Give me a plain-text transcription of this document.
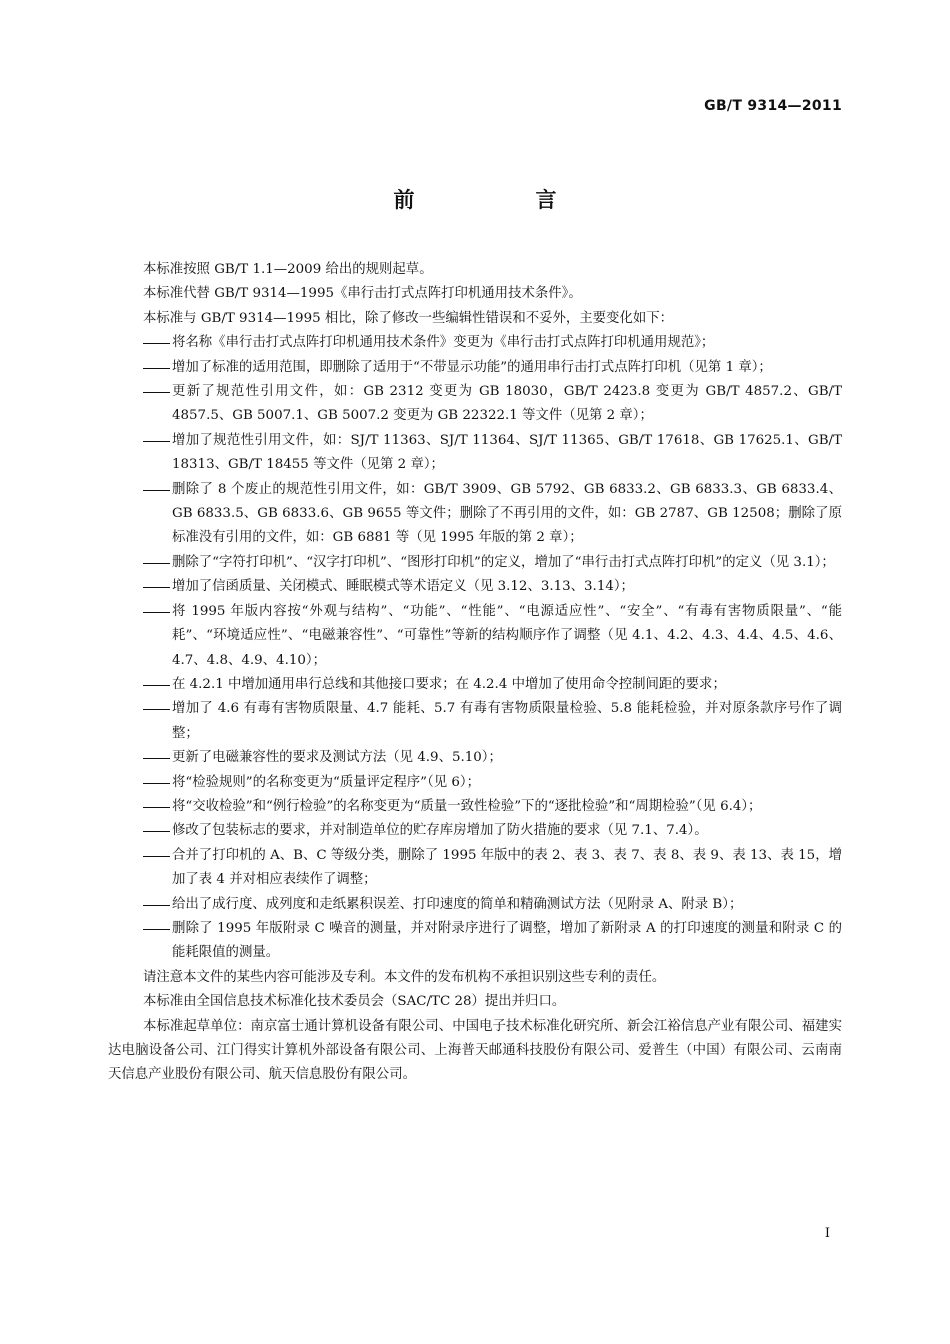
GB/T 9314—2011
前　言

本标准按照 GB/T 1.1—2009 给出的规则起草。

本标准代替 GB/T 9314—1995《串行击打式点阵打印机通用技术条件》。

本标准与 GB/T 9314—1995 相比，除了修改一些编辑性错误和不妥外，主要变化如下：

将名称《串行击打式点阵打印机通用技术条件》变更为《串行击打式点阵打印机通用规范》；
增加了标准的适用范围，即删除了适用于“不带显示功能”的通用串行击打式点阵打印机（见第 1 章）；
更新了规范性引用文件，如：GB 2312 变更为 GB 18030，GB/T 2423.8 变更为 GB/T 4857.2、GB/T 4857.5、GB 5007.1、GB 5007.2 变更为 GB 22322.1 等文件（见第 2 章）；
增加了规范性引用文件，如：SJ/T 11363、SJ/T 11364、SJ/T 11365、GB/T 17618、GB 17625.1、GB/T 18313、GB/T 18455 等文件（见第 2 章）；
删除了 8 个废止的规范性引用文件，如：GB/T 3909、GB 5792、GB 6833.2、GB 6833.3、GB 6833.4、GB 6833.5、GB 6833.6、GB 9655 等文件；删除了不再引用的文件，如：GB 2787、GB 12508；删除了原标准没有引用的文件，如：GB 6881 等（见 1995 年版的第 2 章）；
删除了“字符打印机”、“汉字打印机”、“图形打印机”的定义，增加了“串行击打式点阵打印机”的定义（见 3.1）；
增加了信函质量、关闭模式、睡眠模式等术语定义（见 3.12、3.13、3.14）；
将 1995 年版内容按“外观与结构”、“功能”、“性能”、“电源适应性”、“安全”、“有毒有害物质限量”、“能耗”、“环境适应性”、“电磁兼容性”、“可靠性”等新的结构顺序作了调整（见 4.1、4.2、4.3、4.4、4.5、4.6、4.7、4.8、4.9、4.10）；
在 4.2.1 中增加通用串行总线和其他接口要求；在 4.2.4 中增加了使用命令控制间距的要求；
增加了 4.6 有毒有害物质限量、4.7 能耗、5.7 有毒有害物质限量检验、5.8 能耗检验，并对原条款序号作了调整；
更新了电磁兼容性的要求及测试方法（见 4.9、5.10）；
将“检验规则”的名称变更为“质量评定程序”（见 6）；
将“交收检验”和“例行检验”的名称变更为“质量一致性检验”下的“逐批检验”和“周期检验”（见 6.4）；
修改了包装标志的要求，并对制造单位的贮存库房增加了防火措施的要求（见 7.1、7.4）。
合并了打印机的 A、B、C 等级分类，删除了 1995 年版中的表 2、表 3、表 7、表 8、表 9、表 13、表 15，增加了表 4 并对相应表续作了调整；
给出了成行度、成列度和走纸累积误差、打印速度的简单和精确测试方法（见附录 A、附录 B）；
删除了 1995 年版附录 C 噪音的测量，并对附录序进行了调整，增加了新附录 A 的打印速度的测量和附录 C 的能耗限值的测量。

请注意本文件的某些内容可能涉及专利。本文件的发布机构不承担识别这些专利的责任。

本标准由全国信息技术标准化技术委员会（SAC/TC 28）提出并归口。

本标准起草单位：南京富士通计算机设备有限公司、中国电子技术标准化研究所、新会江裕信息产业有限公司、福建实达电脑设备公司、江门得实计算机外部设备有限公司、上海普天邮通科技股份有限公司、爱普生（中国）有限公司、云南南天信息产业股份有限公司、航天信息股份有限公司。

I
